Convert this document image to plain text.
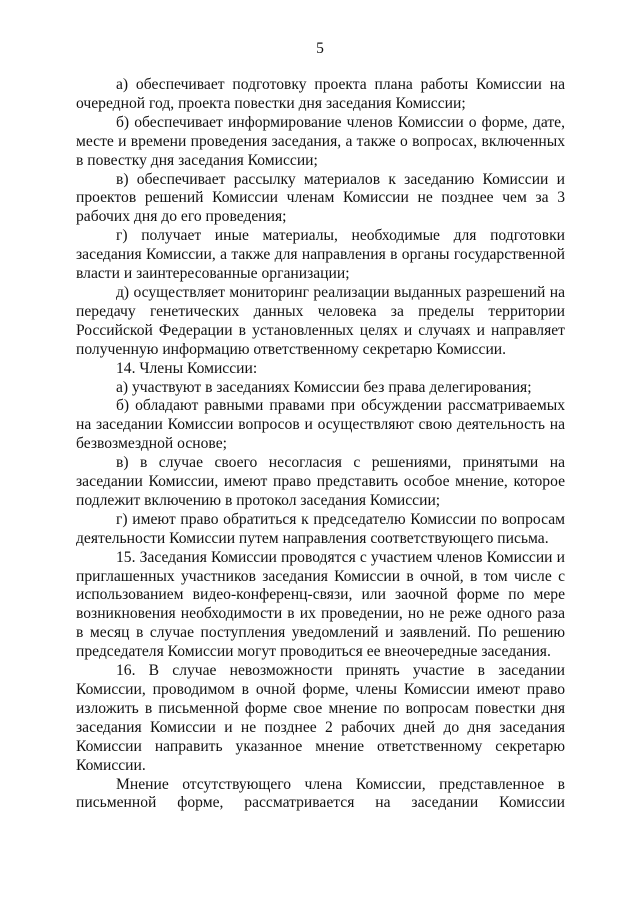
5

а) обеспечивает подготовку проекта плана работы Комиссии на очередной год, проекта повестки дня заседания Комиссии;

б) обеспечивает информирование членов Комиссии о форме, дате, месте и времени проведения заседания, а также о вопросах, включенных в повестку дня заседания Комиссии;

в) обеспечивает рассылку материалов к заседанию Комиссии и проектов решений Комиссии членам Комиссии не позднее чем за 3 рабочих дня до его проведения;

г) получает иные материалы, необходимые для подготовки заседания Комиссии, а также для направления в органы государственной власти и заинтересованные организации;

д) осуществляет мониторинг реализации выданных разрешений на передачу генетических данных человека за пределы территории Российской Федерации в установленных целях и случаях и направляет полученную информацию ответственному секретарю Комиссии.

14. Члены Комиссии:

а) участвуют в заседаниях Комиссии без права делегирования;

б) обладают равными правами при обсуждении рассматриваемых на заседании Комиссии вопросов и осуществляют свою деятельность на безвозмездной основе;

в) в случае своего несогласия с решениями, принятыми на заседании Комиссии, имеют право представить особое мнение, которое подлежит включению в протокол заседания Комиссии;

г) имеют право обратиться к председателю Комиссии по вопросам деятельности Комиссии путем направления соответствующего письма.

15. Заседания Комиссии проводятся с участием членов Комиссии и приглашенных участников заседания Комиссии в очной, в том числе с использованием видео-конференц-связи, или заочной форме по мере возникновения необходимости в их проведении, но не реже одного раза в месяц в случае поступления уведомлений и заявлений. По решению председателя Комиссии могут проводиться ее внеочередные заседания.

16. В случае невозможности принять участие в заседании Комиссии, проводимом в очной форме, члены Комиссии имеют право изложить в письменной форме свое мнение по вопросам повестки дня заседания Комиссии и не позднее 2 рабочих дней до дня заседания Комиссии направить указанное мнение ответственному секретарю Комиссии.

Мнение отсутствующего члена Комиссии, представленное в письменной форме, рассматривается на заседании Комиссии
